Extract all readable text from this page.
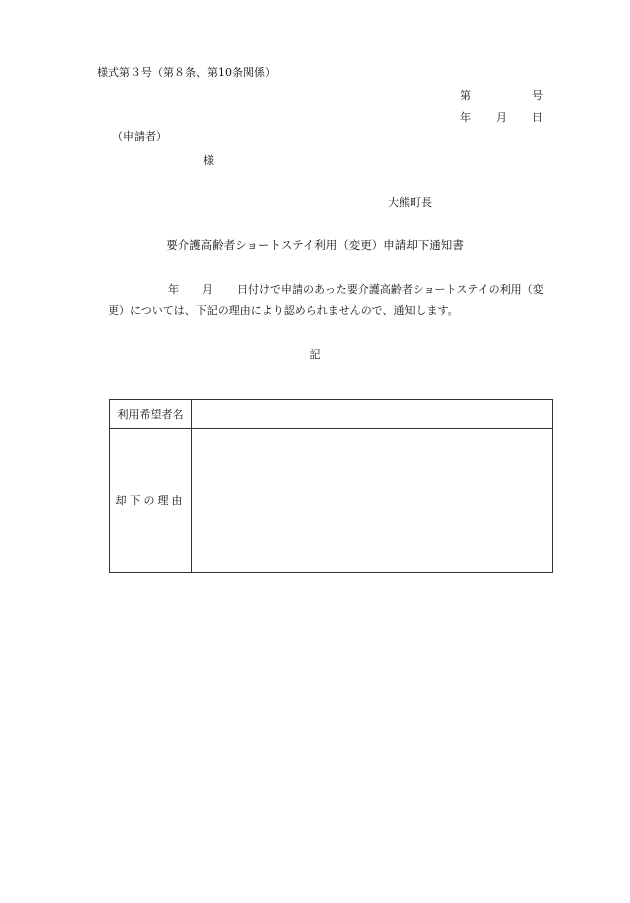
様式第３号（第８条、第10条関係）
第	号
年 月 日
（申請者）
様
大熊町長
要介護高齢者ショートステイ利用（変更）申請却下通知書
年 月 日付けで申請のあった要介護高齢者ショートステイの利用（変
更）については、下記の理由により認められませんので、通知します。
記
利用希望者名
却下の理由
